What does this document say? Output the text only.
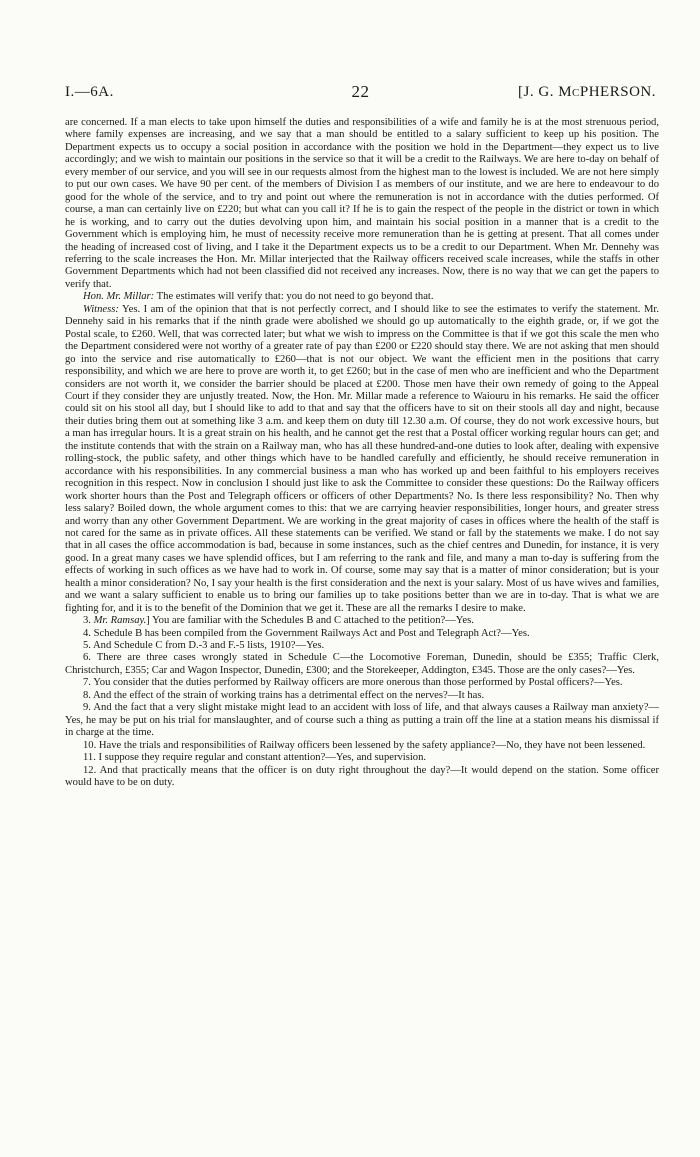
I.—6A.	22	[J. G. McPHERSON.

are concerned. If a man elects to take upon himself the duties and responsibilities of a wife and family he is at the most strenuous period, where family expenses are increasing, and we say that a man should be entitled to a salary sufficient to keep up his position. The Department expects us to occupy a social position in accordance with the position we hold in the Department—they expect us to live accordingly; and we wish to maintain our positions in the service so that it will be a credit to the Railways. We are here to-day on behalf of every member of our service, and you will see in our requests almost from the highest man to the lowest is included. We are not here simply to put our own cases. We have 90 per cent. of the members of Division I as members of our institute, and we are here to endeavour to do good for the whole of the service, and to try and point out where the remuneration is not in accordance with the duties performed. Of course, a man can certainly live on £220; but what can you call it? If he is to gain the respect of the people in the district or town in which he is working, and to carry out the duties devolving upon him, and maintain his social position in a manner that is a credit to the Government which is employing him, he must of necessity receive more remuneration than he is getting at present. That all comes under the heading of increased cost of living, and I take it the Department expects us to be a credit to our Department. When Mr. Dennehy was referring to the scale increases the Hon. Mr. Millar interjected that the Railway officers received scale increases, while the staffs in other Government Departments which had not been classified did not received any increases. Now, there is no way that we can get the papers to verify that.

Hon. Mr. Millar: The estimates will verify that: you do not need to go beyond that.

Witness: Yes. I am of the opinion that that is not perfectly correct, and I should like to see the estimates to verify the statement. Mr. Dennehy said in his remarks that if the ninth grade were abolished we should go up automatically to the eighth grade, or, if we got the Postal scale, to £260. Well, that was corrected later; but what we wish to impress on the Committee is that if we got this scale the men who the Department considered were not worthy of a greater rate of pay than £200 or £220 should stay there. We are not asking that men should go into the service and rise automatically to £260—that is not our object. We want the efficient men in the positions that carry responsibility, and which we are here to prove are worth it, to get £260; but in the case of men who are inefficient and who the Department considers are not worth it, we consider the barrier should be placed at £200. Those men have their own remedy of going to the Appeal Court if they consider they are unjustly treated. Now, the Hon. Mr. Millar made a reference to Waiouru in his remarks. He said the officer could sit on his stool all day, but I should like to add to that and say that the officers have to sit on their stools all day and night, because their duties bring them out at something like 3 a.m. and keep them on duty till 12.30 a.m. Of course, they do not work excessive hours, but a man has irregular hours. It is a great strain on his health, and he cannot get the rest that a Postal officer working regular hours can get; and the institute contends that with the strain on a Railway man, who has all these hundred-and-one duties to look after, dealing with expensive rolling-stock, the public safety, and other things which have to be handled carefully and efficiently, he should receive remuneration in accordance with his responsibilities. In any commercial business a man who has worked up and been faithful to his employers receives recognition in this respect. Now in conclusion I should just like to ask the Committee to consider these questions: Do the Railway officers work shorter hours than the Post and Telegraph officers or officers of other Departments? No. Is there less responsibility? No. Then why less salary? Boiled down, the whole argument comes to this: that we are carrying heavier responsibilities, longer hours, and greater stress and worry than any other Government Department. We are working in the great majority of cases in offices where the health of the staff is not cared for the same as in private offices. All these statements can be verified. We stand or fall by the statements we make. I do not say that in all cases the office accommodation is bad, because in some instances, such as the chief centres and Dunedin, for instance, it is very good. In a great many cases we have splendid offices, but I am referring to the rank and file, and many a man to-day is suffering from the effects of working in such offices as we have had to work in. Of course, some may say that is a matter of minor consideration; but is your health a minor consideration? No, I say your health is the first consideration and the next is your salary. Most of us have wives and families, and we want a salary sufficient to enable us to bring our families up to take positions better than we are in to-day. That is what we are fighting for, and it is to the benefit of the Dominion that we get it. These are all the remarks I desire to make.

3. Mr. Ramsay.] You are familiar with the Schedules B and C attached to the petition?—Yes.

4. Schedule B has been compiled from the Government Railways Act and Post and Telegraph Act?—Yes.

5. And Schedule C from D.-3 and F.-5 lists, 1910?—Yes.

6. There are three cases wrongly stated in Schedule C—the Locomotive Foreman, Dunedin, should be £355; Traffic Clerk, Christchurch, £355; Car and Wagon Inspector, Dunedin, £300; and the Storekeeper, Addington, £345. Those are the only cases?—Yes.

7. You consider that the duties performed by Railway officers are more onerous than those performed by Postal officers?—Yes.

8. And the effect of the strain of working trains has a detrimental effect on the nerves?—It has.

9. And the fact that a very slight mistake might lead to an accident with loss of life, and that always causes a Railway man anxiety?—Yes, he may be put on his trial for manslaughter, and of course such a thing as putting a train off the line at a station means his dismissal if in charge at the time.

10. Have the trials and responsibilities of Railway officers been lessened by the safety appliance?—No, they have not been lessened.

11. I suppose they require regular and constant attention?—Yes, and supervision.

12. And that practically means that the officer is on duty right throughout the day?—It would depend on the station. Some officer would have to be on duty.
